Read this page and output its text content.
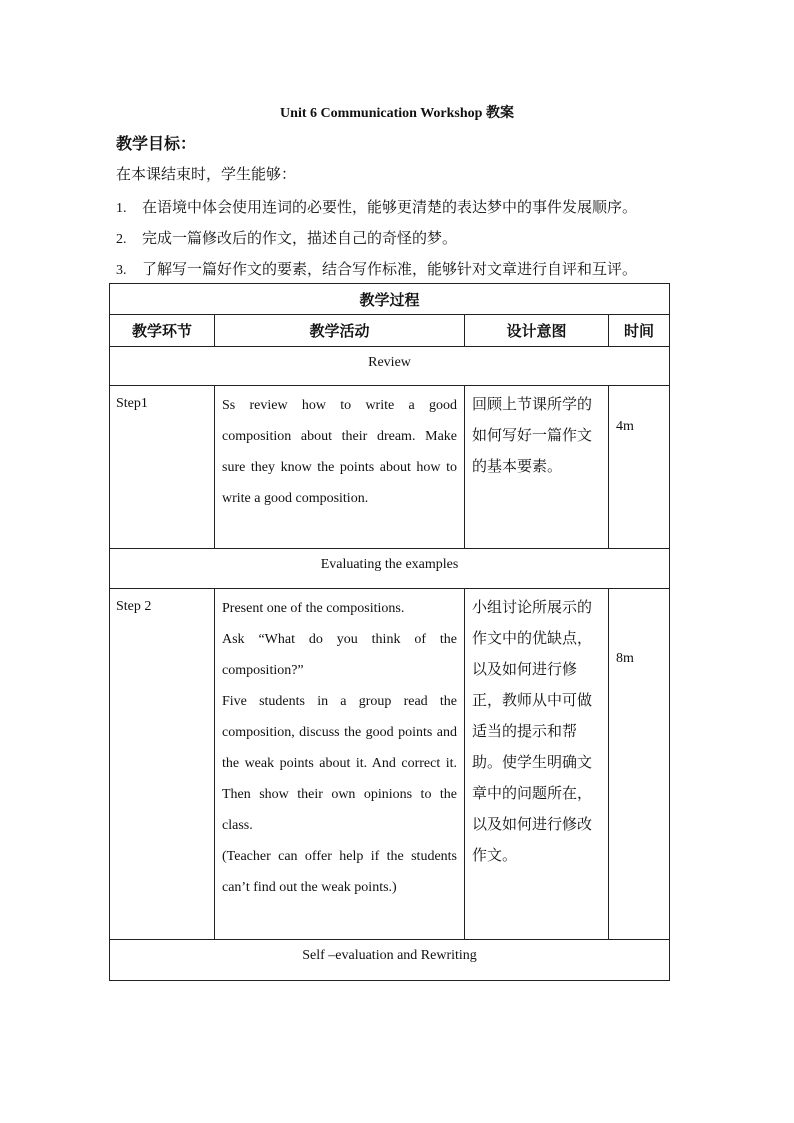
Unit 6 Communication Workshop 教案
教学目标：
在本课结束时，学生能够：
1. 在语境中体会使用连词的必要性，能够更清楚的表达梦中的事件发展顺序。
2. 完成一篇修改后的作文，描述自己的奇怪的梦。
3. 了解写一篇好作文的要素，结合写作标准，能够针对文章进行自评和互评。
教学过程			
教学环节	教学活动	设计意图	时间

Review			

Step1	Ss review how to write a good composition about their dream. Make sure they know the points about how to write a good composition.	回顾上节课所学的如何写好一篇作文的基本要素。	4m

Evaluating the examples			

Step 2	Present one of the compositions.

Ask “What do you think of the composition?”

Five students in a group read the composition, discuss the good points and the weak points about it. And correct it. Then show their own opinions to the class.

(Teacher can offer help if the students can’t find out the weak points.)	小组讨论所展示的作文中的优缺点，以及如何进行修正，教师从中可做适当的提示和帮助。使学生明确文章中的问题所在，以及如何进行修改作文。	8m

Self –evaluation and Rewriting			
